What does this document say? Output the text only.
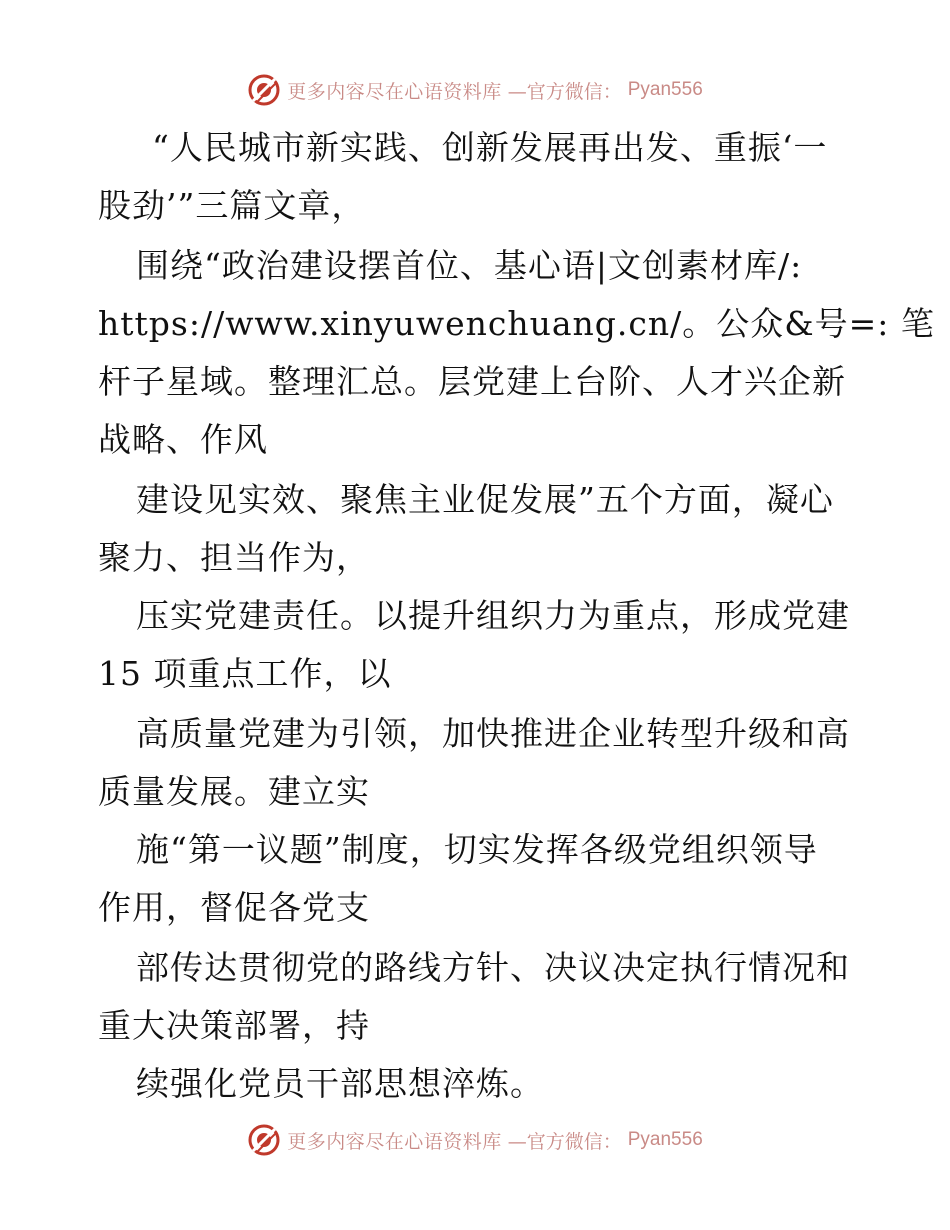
更多内容尽在心语资料库 —官方微信： Pyan556
“人民城市新实践、创新发展再出发、重振‘一
股劲’”三篇文章，
围绕“政治建设摆首位、基心语|文创素材库/:
https://www.xinyuwenchuang.cn/。公众&号=: 笔
杆子星域。整理汇总。层党建上台阶、人才兴企新
战略、作风
建设见实效、聚焦主业促发展”五个方面，凝心
聚力、担当作为，
压实党建责任。以提升组织力为重点，形成党建
15 项重点工作，以
高质量党建为引领，加快推进企业转型升级和高
质量发展。建立实
施“第一议题”制度，切实发挥各级党组织领导
作用，督促各党支
部传达贯彻党的路线方针、决议决定执行情况和
重大决策部署，持
续强化党员干部思想淬炼。
更多内容尽在心语资料库 —官方微信： Pyan556
